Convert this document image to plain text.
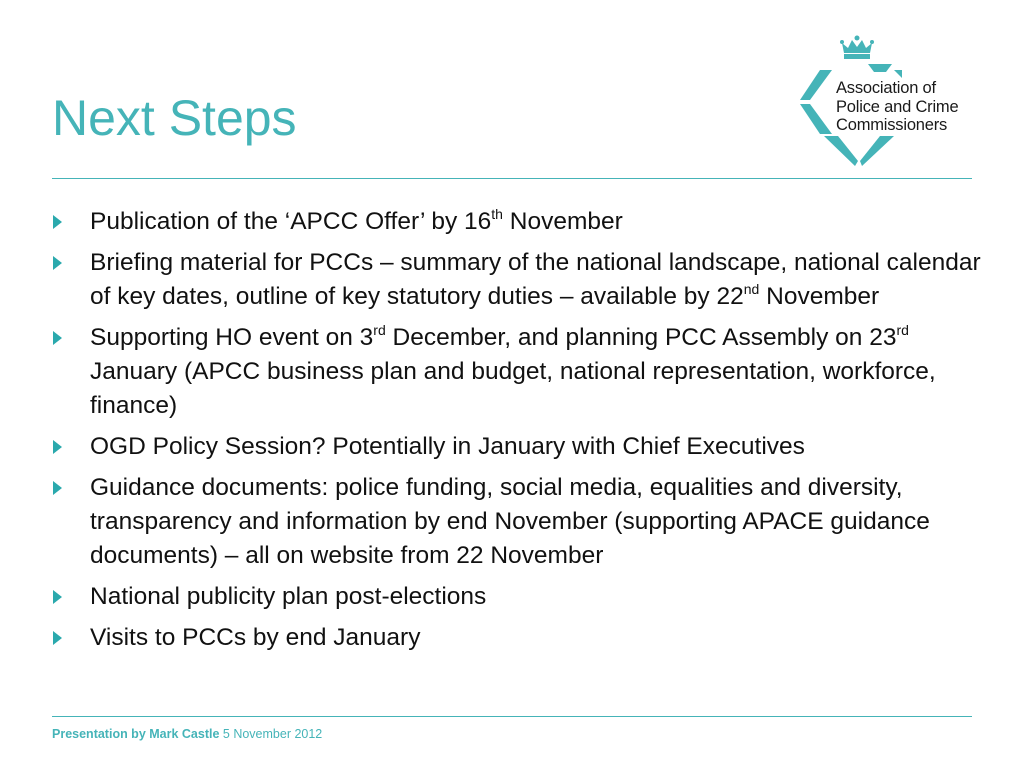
Next Steps
Association of
Police and Crime
Commissioners
Publication of the ‘APCC Offer’ by 16th November
Briefing material for PCCs – summary of the national landscape, national calendar of key dates, outline of key statutory duties – available by 22nd November
Supporting HO event on 3rd December, and planning PCC Assembly on 23rd January (APCC business plan and budget, national representation, workforce, finance)
OGD Policy Session? Potentially in January with Chief Executives
Guidance documents: police funding, social media, equalities and diversity, transparency and information by end November (supporting APACE guidance documents) – all on website from 22 November
National publicity plan post-elections
Visits to PCCs by end January
Presentation by Mark Castle 5 November 2012
